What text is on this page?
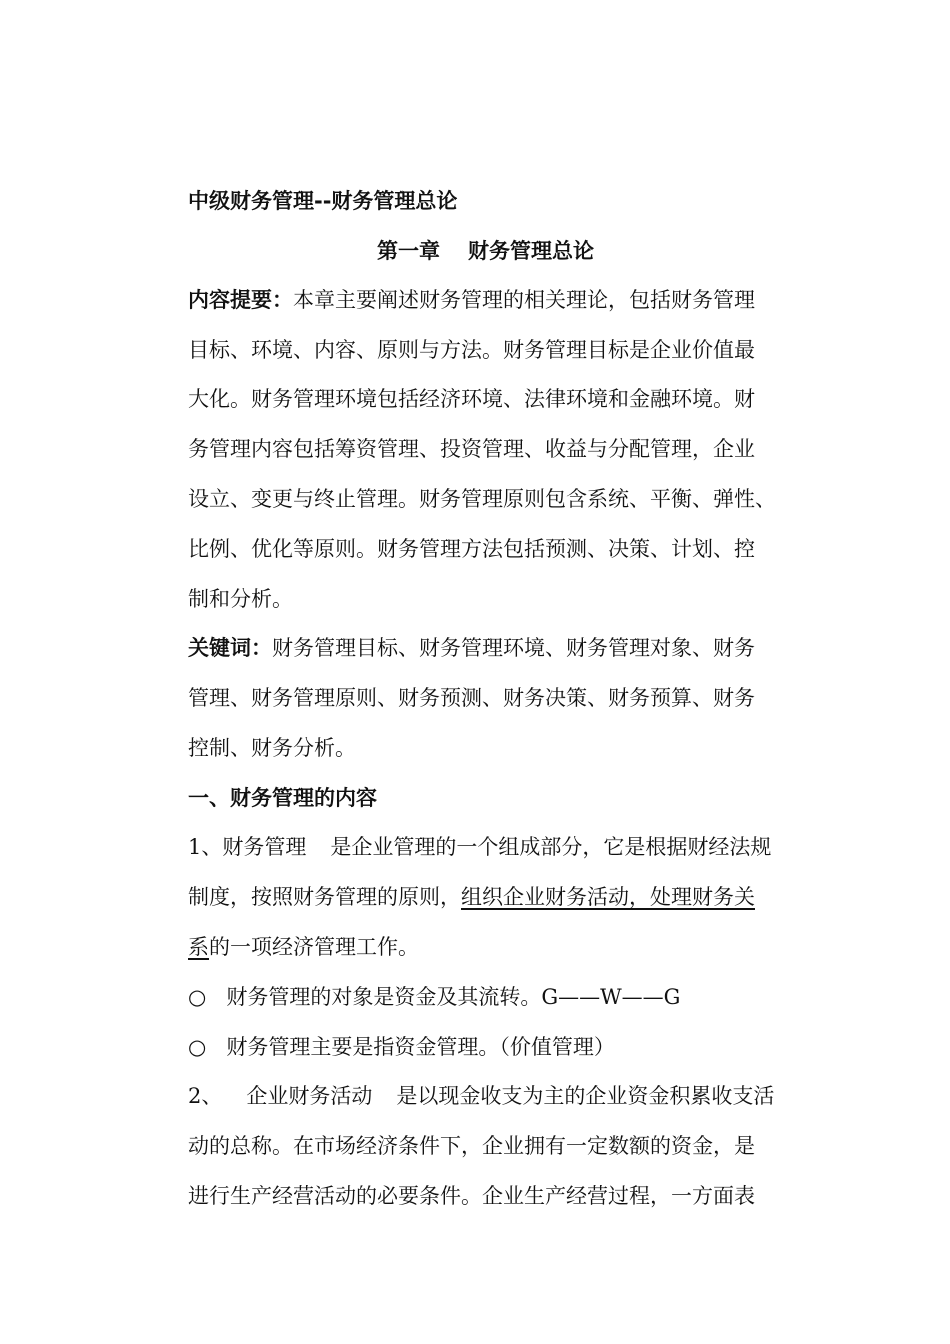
中级财务管理--财务管理总论
第一章 财务管理总论
内容提要：本章主要阐述财务管理的相关理论，包括财务管理
目标、环境、内容、原则与方法。财务管理目标是企业价值最
大化。财务管理环境包括经济环境、法律环境和金融环境。财
务管理内容包括筹资管理、投资管理、收益与分配管理，企业
设立、变更与终止管理。财务管理原则包含系统、平衡、弹性、
比例、优化等原则。财务管理方法包括预测、决策、计划、控
制和分析。
关键词：财务管理目标、财务管理环境、财务管理对象、财务
管理、财务管理原则、财务预测、财务决策、财务预算、财务
控制、财务分析。
一、财务管理的内容
1、财务管理 是企业管理的一个组成部分，它是根据财经法规
制度，按照财务管理的原则，组织企业财务活动，处理财务关
系的一项经济管理工作。
○ 财务管理的对象是资金及其流转。G——W——G
○ 财务管理主要是指资金管理。（价值管理）
2、 企业财务活动 是以现金收支为主的企业资金积累收支活
动的总称。在市场经济条件下，企业拥有一定数额的资金，是
进行生产经营活动的必要条件。企业生产经营过程，一方面表
